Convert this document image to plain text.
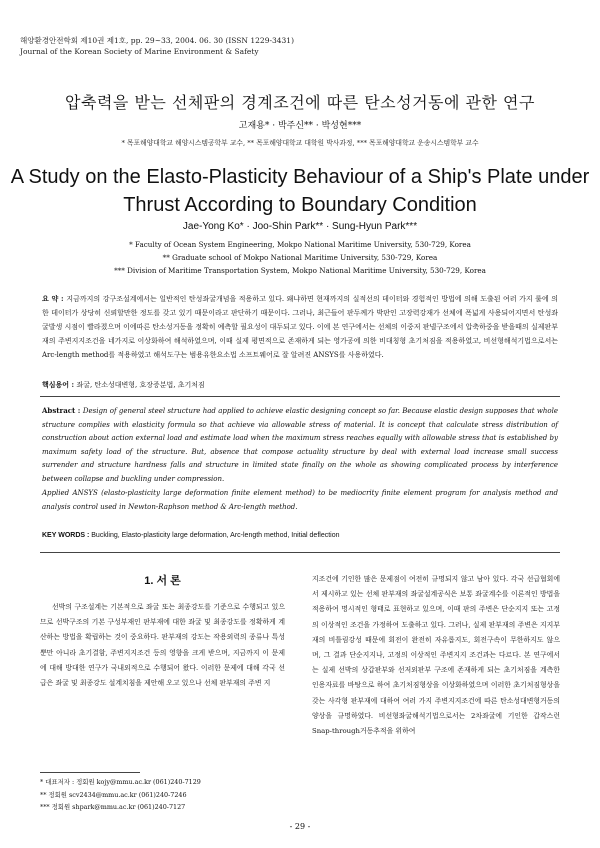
해양환경안전학회 제10권 제1호, pp. 29~33, 2004. 06. 30 (ISSN 1229-3431)
Journal of the Korean Society of Marine Environment & Safety
압축력을 받는 선체판의 경계조건에 따른 탄소성거동에 관한 연구
고재용* · 박주신** · 박성현***
* 목포해양대학교 해양시스템공학부 교수, ** 목포해양대학교 대학원 박사과정, *** 목포해양대학교 운송시스템학부 교수
A Study on the Elasto-Plasticity Behaviour of a Ship's Plate under
Thrust According to Boundary Condition
Jae-Yong Ko* · Joo-Shin Park** · Sung-Hyun Park***
* Faculty of Ocean System Engineering, Mokpo National Maritime University, 530-729, Korea
** Graduate school of Mokpo National Maritime University, 530-729, Korea
*** Division of Maritime Transportation System, Mokpo National Maritime University, 530-729, Korea
요 약 : 지금까지의 강구조설계에서는 일반적인 탄성좌굴개념을 적용하고 있다. 왜냐하면 현재까지의 실적선의 데이터와 경험적인 방법에 의해 도출된 여러 가지 룰에 의한 데이터가 상당히 신뢰할만한 정도를 갖고 있기 때문이라고 판단하기 때문이다. 그러나, 최근들어 판두께가 박판인 고장력강재가 선체에 폭넓게 사용되어지면서 탄성좌굴발생 시점이 빨라졌으며 이에따른 탄소성거동을 정확히 예측할 필요성이 대두되고 있다. 이에 본 연구에서는 선체의 이중저 판넬구조에서 압축하중을 받을때의 실제판부재의 주변지지조건을 네가지로 이상화하여 해석하였으며, 이때 실제 평면적으로 존재하게 되는 영가공에 의한 비대칭형 초기처짐을 적용하였고, 비선형해석기법으로서는 Arc-length method를 적용하였고 해석도구는 범용유한요소법 소프트웨어로 잘 알려진 ANSYS를 사용하였다.
핵심용어 : 좌굴, 탄소성대변형, 호장증분법, 초기처짐
Abstract : Design of general steel structure had applied to achieve elastic designing concept so far. Because elastic design supposes that whole structure complies with elasticity formula so that achieve via allowable stress of material. It is concept that calculate stress distribution of construction about action external load and estimate load when the maximum stress reaches equally with allowable stress that is established by maximum safety load of the structure. But, absence that compose actuality structure by deal with external load increase small success surrender and structure hardness falls and structure in limited state finally on the whole as showing complicated process by interference between collapse and buckling under compression.
Applied ANSYS (elasto-plasticity large deformation finite element method) to be mediocrity finite element program for analysis method and analysis control used in Newton-Raphson method & Arc-length method.
KEY WORDS : Buckling, Elasto-plasticity large deformation, Arc-length method, Initial deflection
1. 서 론

선박의 구조설계는 기본적으로 좌굴 또는 최종강도를 기준으로 수행되고 있으므로 선박구조의 기본 구성부재인 판부재에 대한 좌굴 및 최종강도를 정확하게 계산하는 방법을 확립하는 것이 중요하다. 판부재의 강도는 작용외력의 종류나 특성 뿐만 아니라 초기결함, 주변지지조건 등의 영향을 크게 받으며, 지금까지 이 문제에 대해 방대한 연구가 국내외적으로 수행되어 왔다. 이러한 문제에 대해 각국 선급은 좌굴 및 최종강도 설계치침을 제안해 오고 있으나 선체 판부재의 주변 지

지조건에 기인한 많은 문제점이 여전히 규명되지 않고 남아 있다. 각국 선급협회에서 제시하고 있는 선체 판부재의 좌굴설계공식은 보통 좌굴계수를 이론적인 방법을 적용하여 명시적인 형태로 표현하고 있으며, 이때 판의 주변은 단순지지 또는 고정의 이상적인 조건을 가정하여 도출하고 있다. 그러나, 실제 판부재의 주변은 지지부재의 비틀림강성 때문에 회전이 완전히 자유롭지도, 회전구속이 무한하지도 않으며, 그 결과 단순지지나, 고정의 이상적인 주변지지 조건과는 다르다. 본 연구에서는 실제 선박의 상갑판부와 선저외판부 구조에 존재하게 되는 초기처짐을 계측한 인용자료를 바탕으로 하여 초기처짐형상을 이상화하였으며 이러한 초기처짐형상을 갖는 사각형 판부재에 대하여 여러 가지 주변지지조건에 따른 탄소성대변형거동의 양상을 규명하였다. 비선형좌굴해석기법으로서는 2차좌굴에 기인한 갑작스런 Snap-through거동추적을 위하여

* 대표저자 : 정회원 kojy@mmu.ac.kr (061)240-7129
** 정회원 scv2434@mmu.ac.kr (061)240-7246
*** 정회원 shpark@mmu.ac.kr (061)240-7127
- 29 -
